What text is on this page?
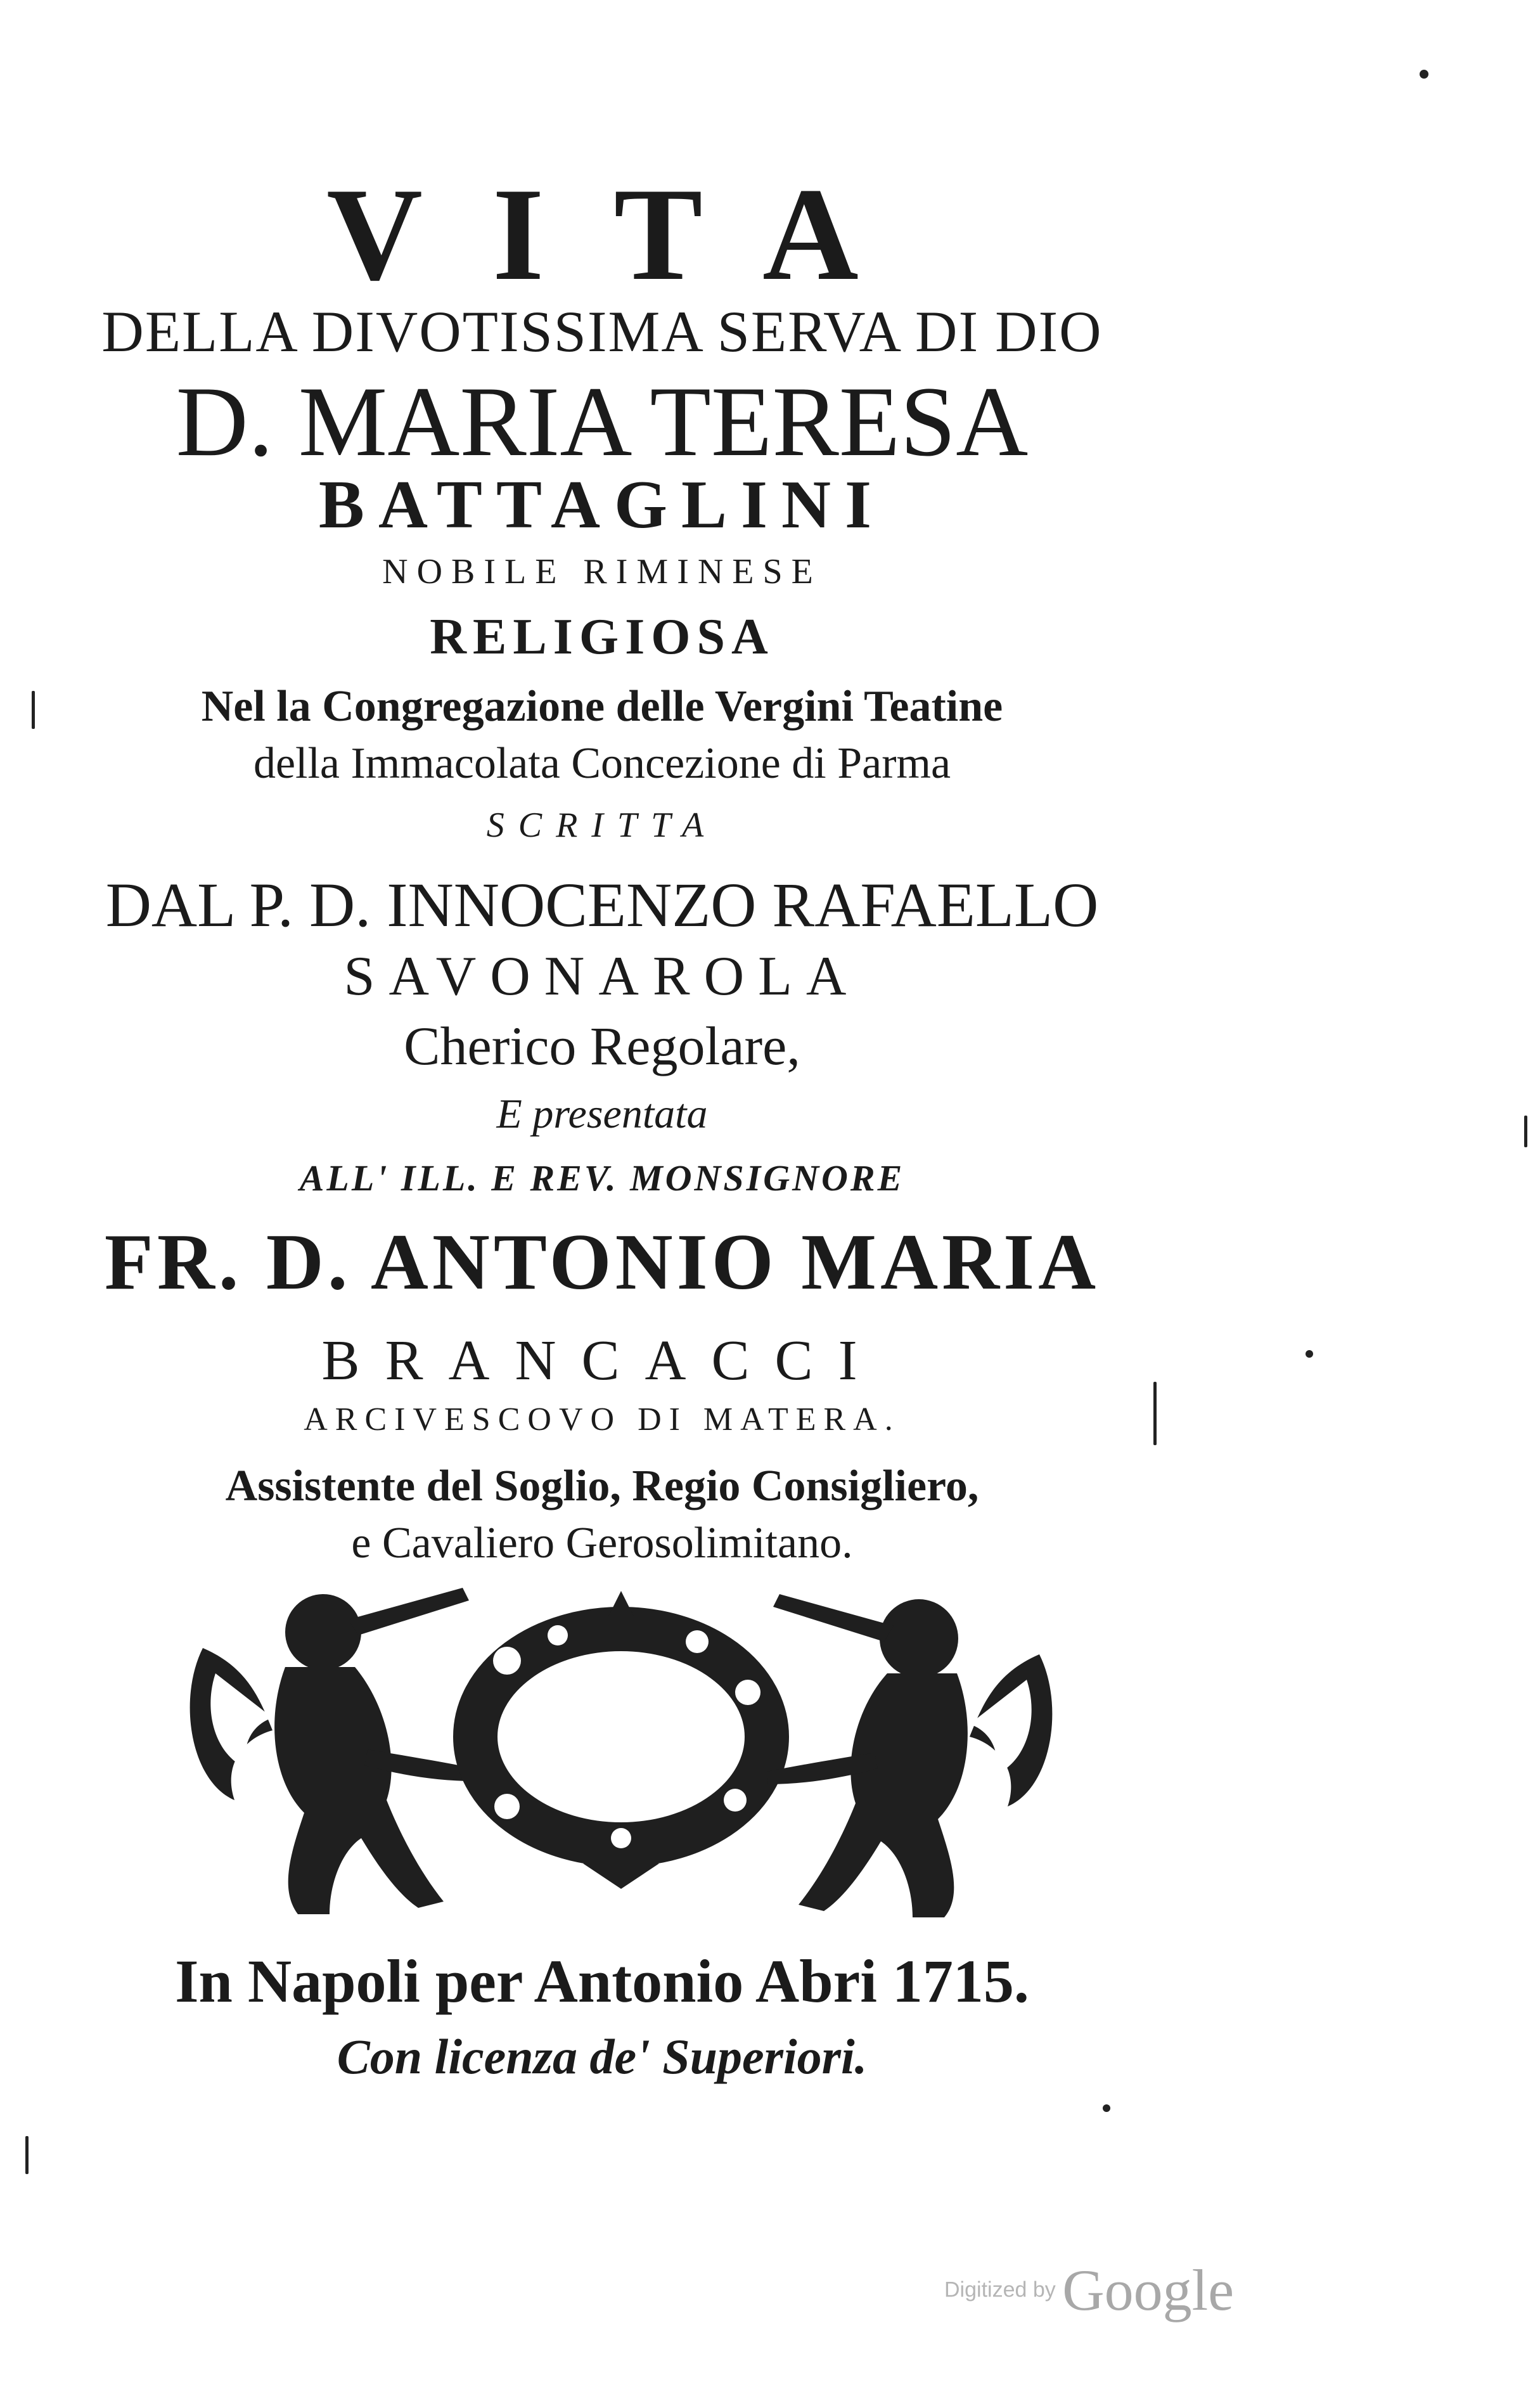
VITA
DELLA DIVOTISSIMA SERVA DI DIO
D. MARIA TERESA
BATTAGLINI
NOBILE RIMINESE
RELIGIOSA
Nel la Congregazione delle Vergini Teatine
della Immacolata Concezione di Parma
SCRITTA
DAL P. D. INNOCENZO RAFAELLO
SAVONAROLA
Cherico Regolare,
E presentata
ALL' ILL. E REV. MONSIGNORE
FR. D. ANTONIO MARIA
BRANCACCI
ARCIVESCOVO DI MATERA.
Assistente del Soglio, Regio Consigliero,
e Cavaliero Gerosolimitano.
In Napoli per Antonio Abri 1715.
Con licenza de' Superiori.
Digitized by Google
